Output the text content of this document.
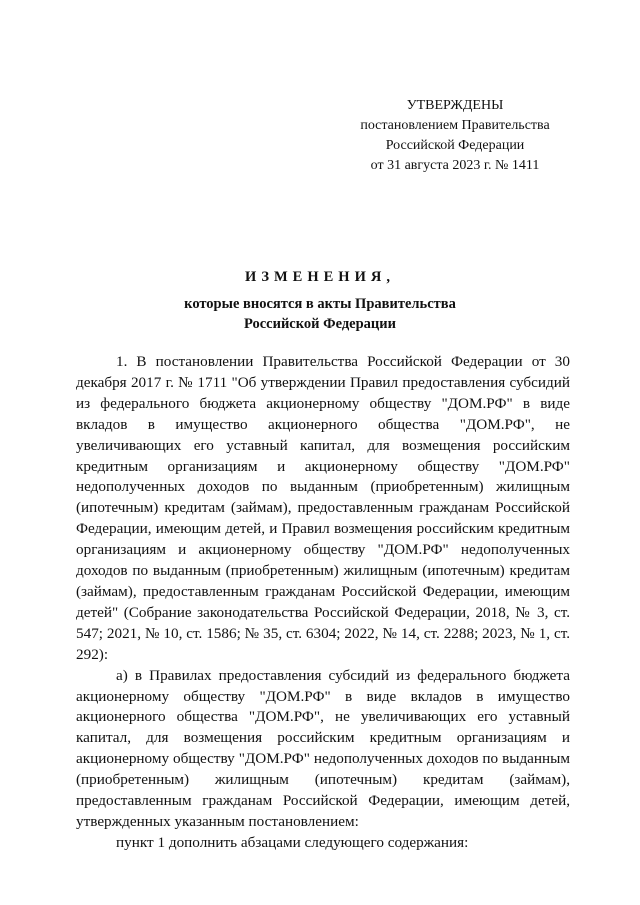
УТВЕРЖДЕНЫ
постановлением Правительства
Российской Федерации
от 31 августа 2023 г. № 1411
ИЗМЕНЕНИЯ,
которые вносятся в акты Правительства
Российской Федерации

1. В постановлении Правительства Российской Федерации от 30 декабря 2017 г. № 1711 "Об утверждении Правил предоставления субсидий из федерального бюджета акционерному обществу "ДОМ.РФ" в виде вкладов в имущество акционерного общества "ДОМ.РФ", не увеличивающих его уставный капитал, для возмещения российским кредитным организациям и акционерному обществу "ДОМ.РФ" недополученных доходов по выданным (приобретенным) жилищным (ипотечным) кредитам (займам), предоставленным гражданам Российской Федерации, имеющим детей, и Правил возмещения российским кредитным организациям и акционерному обществу "ДОМ.РФ" недополученных доходов по выданным (приобретенным) жилищным (ипотечным) кредитам (займам), предоставленным гражданам Российской Федерации, имеющим детей" (Собрание законодательства Российской Федерации, 2018, № 3, ст. 547; 2021, № 10, ст. 1586; № 35, ст. 6304; 2022, № 14, ст. 2288; 2023, № 1, ст. 292):

а) в Правилах предоставления субсидий из федерального бюджета акционерному обществу "ДОМ.РФ" в виде вкладов в имущество акционерного общества "ДОМ.РФ", не увеличивающих его уставный капитал, для возмещения российским кредитным организациям и акционерному обществу "ДОМ.РФ" недополученных доходов по выданным (приобретенным) жилищным (ипотечным) кредитам (займам), предоставленным гражданам Российской Федерации, имеющим детей, утвержденных указанным постановлением:

пункт 1 дополнить абзацами следующего содержания:
